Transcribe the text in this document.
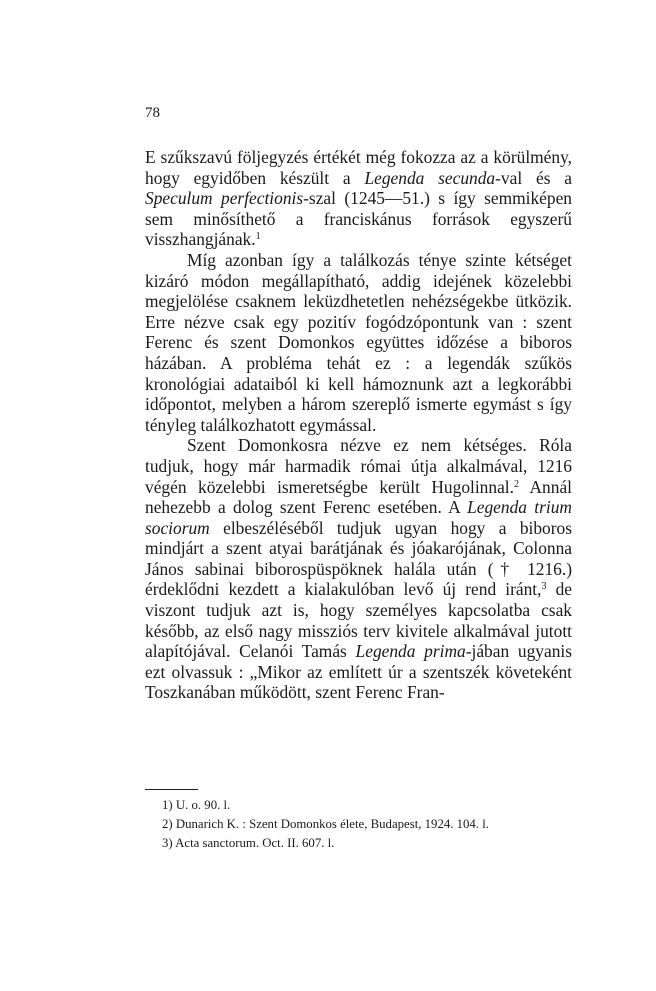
78

E szűkszavú följegyzés értékét még fokozza az a körülmény, hogy egyidőben készült a Legenda secunda-val és a Speculum perfectionis-szal (1245—51.) s így semmiképen sem minősíthető a franciskánus források egyszerű visszhangjának.$^1$

Míg azonban így a találkozás ténye szinte kétséget kizáró módon megállapítható, addig idejének közelebbi megjelölése csaknem leküzdhetetlen nehézségekbe ütközik. Erre nézve csak egy pozitív fogódzópontunk van : szent Ferenc és szent Domonkos együttes időzése a biboros házában. A probléma tehát ez : a legendák szűkös kronológiai adataiból ki kell hámoznunk azt a legkorábbi időpontot, melyben a három szereplő ismerte egymást s így tényleg találkozhatott egymással.

Szent Domonkosra nézve ez nem kétséges. Róla tudjuk, hogy már harmadik római útja alkalmával, 1216 végén közelebbi ismeretségbe került Hugolinnal.$^2$ Annál nehezebb a dolog szent Ferenc esetében. A Legenda trium sociorum elbeszéléséből tudjuk ugyan hogy a biboros mindjárt a szent atyai barátjának és jóakarójának, Colonna János sabinai biborospüspöknek halála után († 1216.) érdeklődni kezdett a kialakulóban levő új rend iránt,$^3$ de viszont tudjuk azt is, hogy személyes kapcsolatba csak később, az első nagy missziós terv kivitele alkalmával jutott alapítójával. Celanói Tamás Legenda prima-jában ugyanis ezt olvassuk : „Mikor az említett úr a szentszék követeként Toszkanában működött, szent Ferenc Fran-

1) U. o. 90. l.
2) Dunarich K. : Szent Domonkos élete, Budapest, 1924. 104. l.
3) Acta sanctorum. Oct. II. 607. l.
